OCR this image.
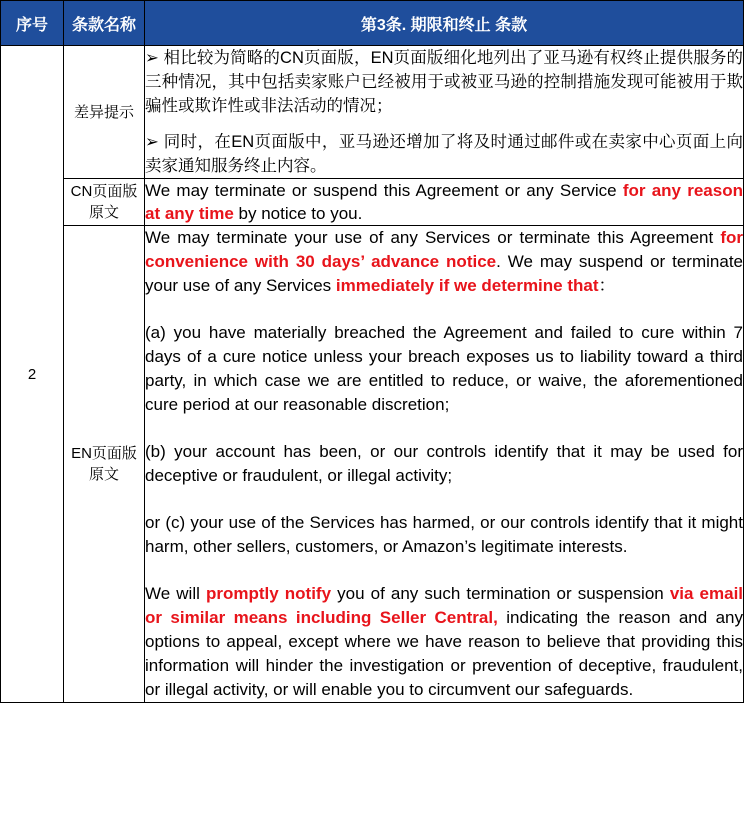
序号	条款名称	第3条. 期限和终止 条款
2	差异提示	➢ 相比较为简略的CN页面版，EN页面版细化地列出了亚马逊有权终止提供服务的三种情况，其中包括卖家账户已经被用于或被亚马逊的控制措施发现可能被用于欺骗性或欺诈性或非法活动的情况；

➢ 同时，在EN页面版中，亚马逊还增加了将及时通过邮件或在卖家中心页面上向卖家通知服务终止内容。

	CN页面版原文	We may terminate or suspend this Agreement or any Service for any reason at any time by notice to you.
	EN页面版原文	We may terminate your use of any Services or terminate this Agreement for convenience with 30 days’ advance notice. We may suspend or terminate your use of any Services immediately if we determine that：

(a) you have materially breached the Agreement and failed to cure within 7 days of a cure notice unless your breach exposes us to liability toward a third party, in which case we are entitled to reduce, or waive, the aforementioned cure period at our reasonable discretion;

(b) your account has been, or our controls identify that it may be used for deceptive or fraudulent, or illegal activity;

or (c) your use of the Services has harmed, or our controls identify that it might harm, other sellers, customers, or Amazon’s legitimate interests.

We will promptly notify you of any such termination or suspension via email or similar means including Seller Central, indicating the reason and any options to appeal, except where we have reason to believe that providing this information will hinder the investigation or prevention of deceptive, fraudulent, or illegal activity, or will enable you to circumvent our safeguards.
